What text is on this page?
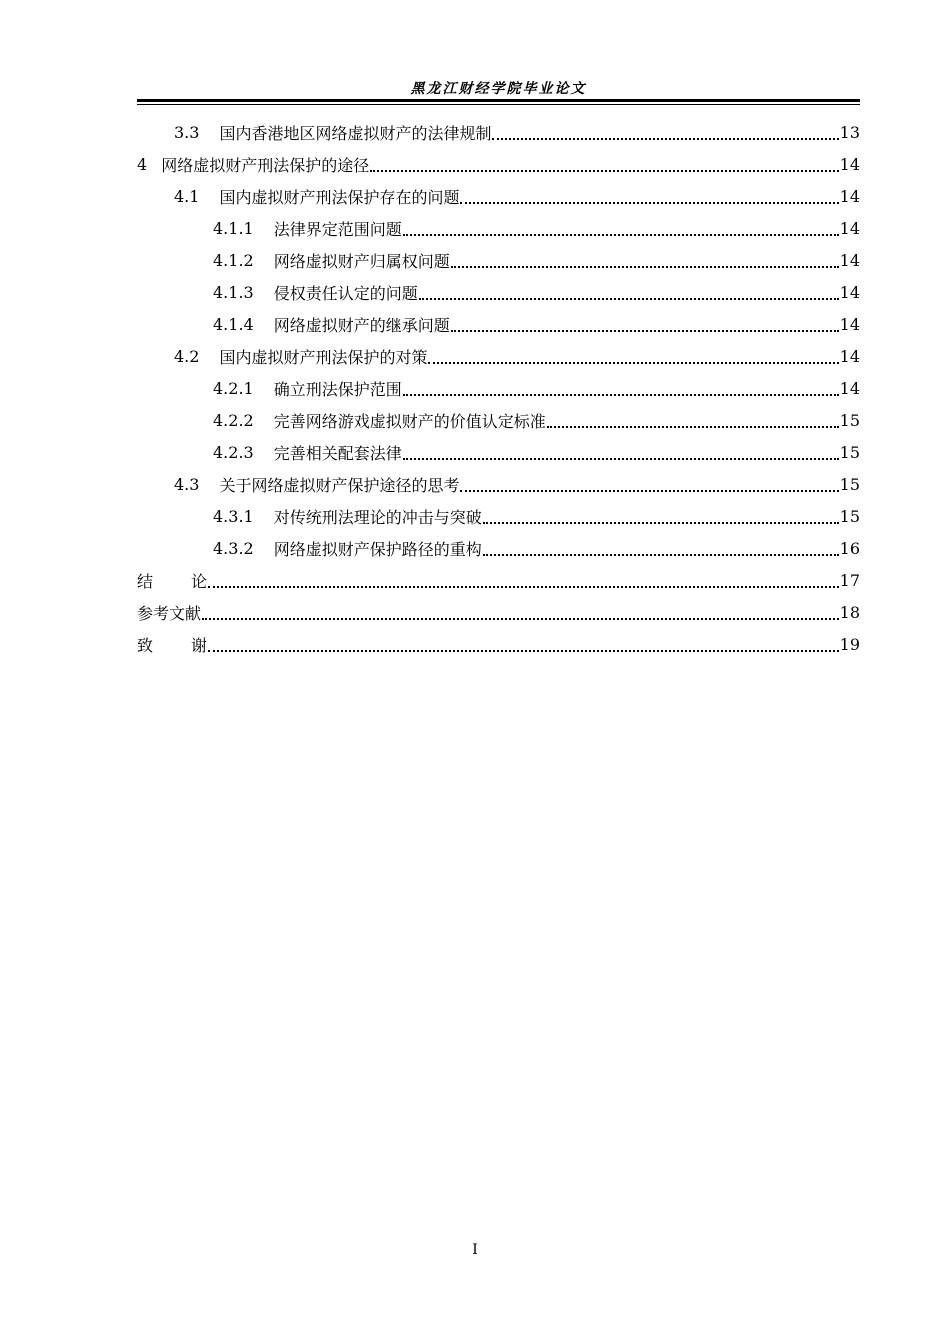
黑龙江财经学院毕业论文
3.3 国内香港地区网络虚拟财产的法律规制	13
4 网络虚拟财产刑法保护的途径	14
4.1 国内虚拟财产刑法保护存在的问题	14
4.1.1 法律界定范围问题	14
4.1.2 网络虚拟财产归属权问题	14
4.1.3 侵权责任认定的问题	14
4.1.4 网络虚拟财产的继承问题	14
4.2 国内虚拟财产刑法保护的对策	14
4.2.1 确立刑法保护范围	14
4.2.2 完善网络游戏虚拟财产的价值认定标准	15
4.2.3 完善相关配套法律	15
4.3 关于网络虚拟财产保护途径的思考	15
4.3.1 对传统刑法理论的冲击与突破	15
4.3.2 网络虚拟财产保护路径的重构	16
结论	17
参考文献	18
致谢	19
I
